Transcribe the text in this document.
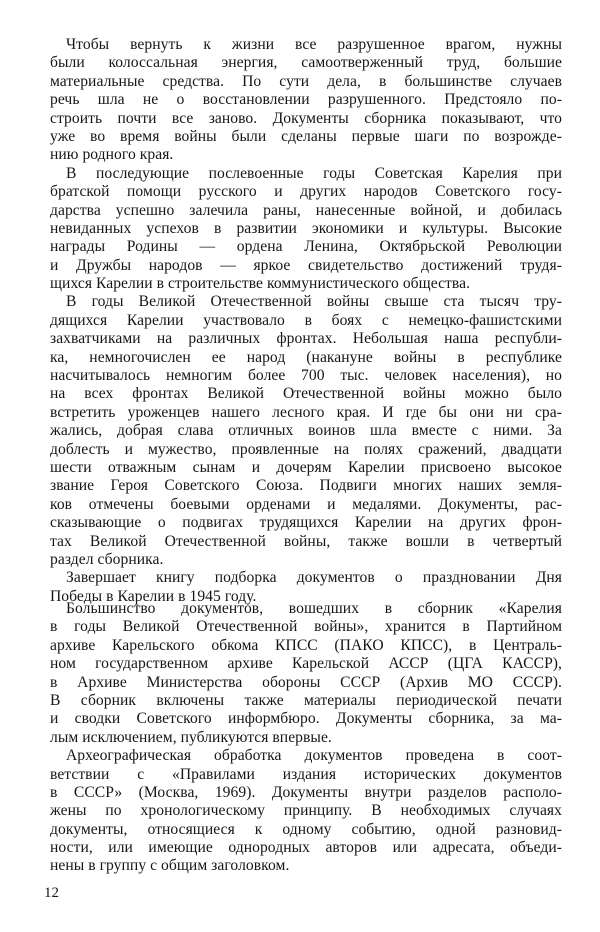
Чтобы вернуть к жизни все разрушенное врагом, нужны
были колоссальная энергия, самоотверженный труд, большие
материальные средства. По сути дела, в большинстве случаев
речь шла не о восстановлении разрушенного. Предстояло по-
строить почти все заново. Документы сборника показывают, что
уже во время войны были сделаны первые шаги по возрожде-
нию родного края.
В последующие послевоенные годы Советская Карелия при
братской помощи русского и других народов Советского госу-
дарства успешно залечила раны, нанесенные войной, и добилась
невиданных успехов в развитии экономики и культуры. Высокие
награды Родины — ордена Ленина, Октябрьской Революции
и Дружбы народов — яркое свидетельство достижений трудя-
щихся Карелии в строительстве коммунистического общества.
В годы Великой Отечественной войны свыше ста тысяч тру-
дящихся Карелии участвовало в боях с немецко-фашистскими
захватчиками на различных фронтах. Небольшая наша республи-
ка, немногочислен ее народ (накануне войны в республике
насчитывалось немногим более 700 тыс. человек населения), но
на всех фронтах Великой Отечественной войны можно было
встретить уроженцев нашего лесного края. И где бы они ни сра-
жались, добрая слава отличных воинов шла вместе с ними. За
доблесть и мужество, проявленные на полях сражений, двадцати
шести отважным сынам и дочерям Карелии присвоено высокое
звание Героя Советского Союза. Подвиги многих наших земля-
ков отмечены боевыми орденами и медалями. Документы, рас-
сказывающие о подвигах трудящихся Карелии на других фрон-
тах Великой Отечественной войны, также вошли в четвертый
раздел сборника.
Завершает книгу подборка документов о праздновании Дня
Победы в Карелии в 1945 году.
Большинство документов, вошедших в сборник «Карелия
в годы Великой Отечественной войны», хранится в Партийном
архиве Карельского обкома КПСС (ПАКО КПСС), в Централь-
ном государственном архиве Карельской АССР (ЦГА КАССР),
в Архиве Министерства обороны СССР (Архив МО СССР).
В сборник включены также материалы периодической печати
и сводки Советского информбюро. Документы сборника, за ма-
лым исключением, публикуются впервые.
Археографическая обработка документов проведена в соот-
ветствии с «Правилами издания исторических документов
в СССР» (Москва, 1969). Документы внутри разделов располо-
жены по хронологическому принципу. В необходимых случаях
документы, относящиеся к одному событию, одной разновид-
ности, или имеющие однородных авторов или адресата, объеди-
нены в группу с общим заголовком.
12
